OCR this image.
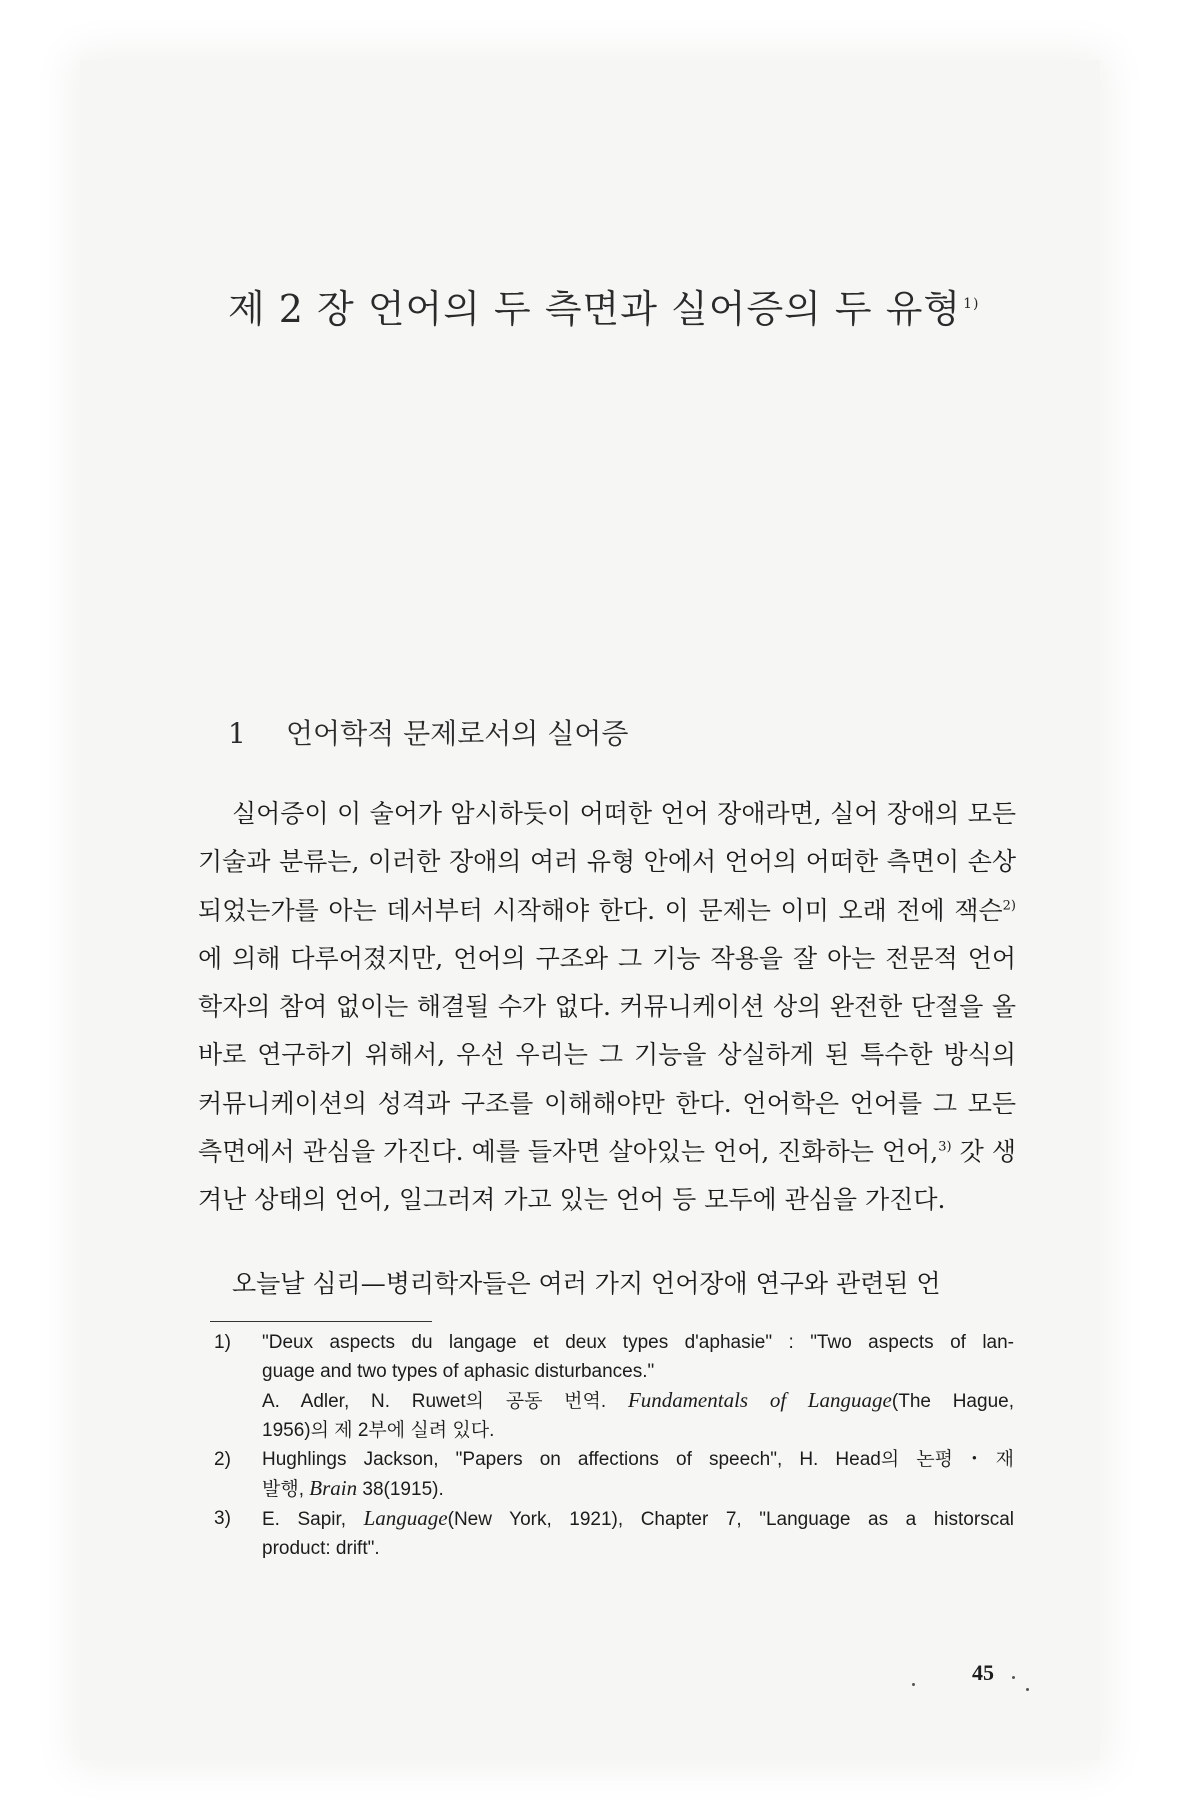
제 2 장 언어의 두 측면과 실어증의 두 유형 $^{1)}$
1 언어학적 문제로서의 실어증

실어증이 이 술어가 암시하듯이 어떠한 언어 장애라면, 실어 장애의 모든 기술과 분류는, 이러한 장애의 여러 유형 안에서 언어의 어떠한 측면이 손상되었는가를 아는 데서부터 시작해야 한다. 이 문제는 이미 오래 전에 잭슨$^{2)}$에 의해 다루어졌지만, 언어의 구조와 그 기능 작용을 잘 아는 전문적 언어학자의 참여 없이는 해결될 수가 없다. 커뮤니케이션 상의 완전한 단절을 올바로 연구하기 위해서, 우선 우리는 그 기능을 상실하게 된 특수한 방식의 커뮤니케이션의 성격과 구조를 이해해야만 한다. 언어학은 언어를 그 모든 측면에서 관심을 가진다. 예를 들자면 살아있는 언어, 진화하는 언어,$^{3)}$ 갓 생겨난 상태의 언어, 일그러져 가고 있는 언어 등 모두에 관심을 가진다.

오늘날 심리—병리학자들은 여러 가지 언어장애 연구와 관련된 언

1)	"Deux aspects du langage et deux types d'aphasie" : "Two aspects of lan-
guage and two types of aphasic disturbances."
A. Adler, N. Ruwet의 공동 번역. Fundamentals of Language(The Hague,
1956)의 제 2부에 실려 있다.
2)	Hughlings Jackson, "Papers on affections of speech", H. Head의 논평・재
발행, Brain 38(1915).
3)	E. Sapir, Language(New York, 1921), Chapter 7, "Language as a historscal
product: drift".
45
